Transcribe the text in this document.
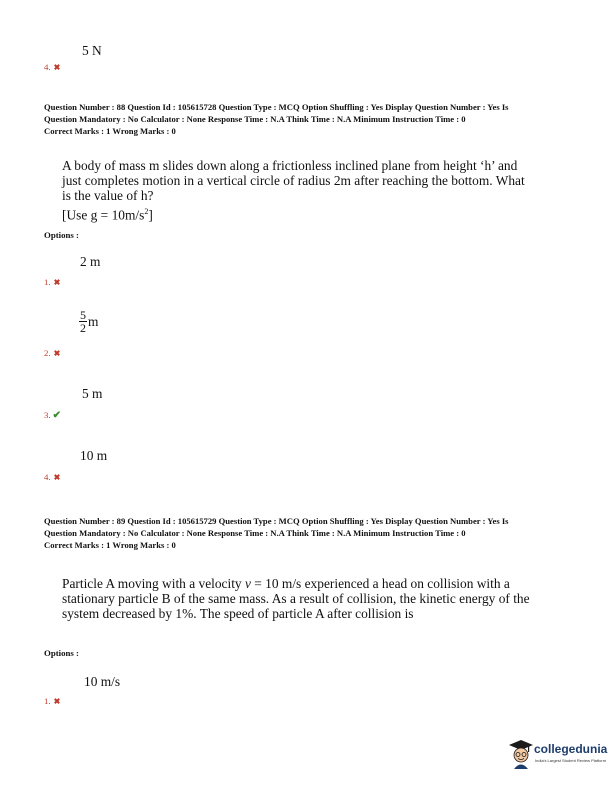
5 N
4. ✖
Question Number : 88 Question Id : 105615728 Question Type : MCQ Option Shuffling : Yes Display Question Number : Yes Is
Question Mandatory : No Calculator : None Response Time : N.A Think Time : N.A Minimum Instruction Time : 0
Correct Marks : 1 Wrong Marks : 0
A body of mass m slides down along a frictionless inclined plane from height ‘h’ and
just completes motion in a vertical circle of radius 2m after reaching the bottom. What
is the value of h?
[Use $g = 10m/s^2$]
Options :
2 m
1. ✖
$\frac{5}{2}$ m
2. ✖
5 m
3. ✔
10 m
4. ✖
Question Number : 89 Question Id : 105615729 Question Type : MCQ Option Shuffling : Yes Display Question Number : Yes Is
Question Mandatory : No Calculator : None Response Time : N.A Think Time : N.A Minimum Instruction Time : 0
Correct Marks : 1 Wrong Marks : 0
Particle A moving with a velocity v = 10 m/s experienced a head on collision with a
stationary particle B of the same mass. As a result of collision, the kinetic energy of the
system decreased by 1%. The speed of particle A after collision is
Options :
10 m/s
1. ✖
collegedunia
India's Largest Student Review Platform
